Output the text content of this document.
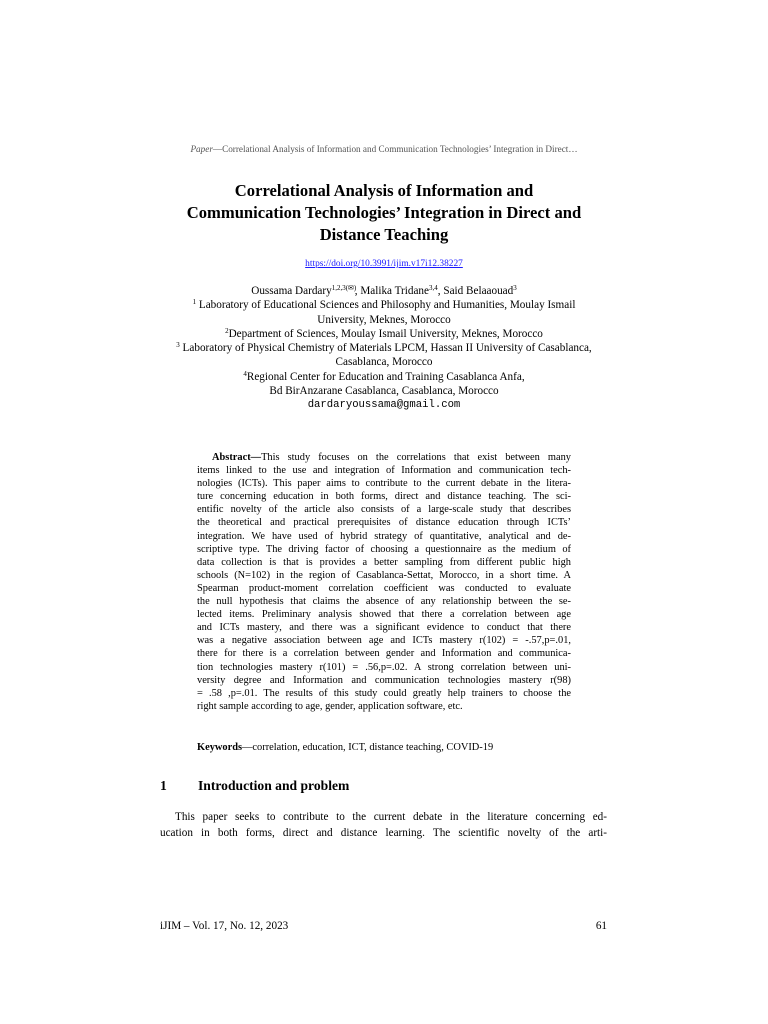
Paper—Correlational Analysis of Information and Communication Technologies’ Integration in Direct…
Correlational Analysis of Information and
Communication Technologies’ Integration in Direct and
Distance Teaching
https://doi.org/10.3991/ijim.v17i12.38227
Oussama Dardary$^{1,2,3(✉)}$, Malika Tridane$^{3,4}$, Said Belaaouad$^3$
$^1$ Laboratory of Educational Sciences and Philosophy and Humanities, Moulay Ismail
University, Meknes, Morocco
$^2$Department of Sciences, Moulay Ismail University, Meknes, Morocco
$^3$ Laboratory of Physical Chemistry of Materials LPCM, Hassan II University of Casablanca,
Casablanca, Morocco
$^4$Regional Center for Education and Training Casablanca Anfa,
Bd BirAnzarane Casablanca, Casablanca, Morocco
dardaryoussama@gmail.com
Abstract—This study focuses on the correlations that exist between many
items linked to the use and integration of Information and communication tech-
nologies (ICTs). This paper aims to contribute to the current debate in the litera-
ture concerning education in both forms, direct and distance teaching. The sci-
entific novelty of the article also consists of a large-scale study that describes
the theoretical and practical prerequisites of distance education through ICTs’
integration. We have used of hybrid strategy of quantitative, analytical and de-
scriptive type. The driving factor of choosing a questionnaire as the medium of
data collection is that is provides a better sampling from different public high
schools (N=102) in the region of Casablanca-Settat, Morocco, in a short time. A
Spearman product-moment correlation coefficient was conducted to evaluate
the null hypothesis that claims the absence of any relationship between the se-
lected items. Preliminary analysis showed that there a correlation between age
and ICTs mastery, and there was a significant evidence to conduct that there
was a negative association between age and ICTs mastery r(102) = -.57,p=.01,
there for there is a correlation between gender and Information and communica-
tion technologies mastery r(101) = .56,p=.02. A strong correlation between uni-
versity degree and Information and communication technologies mastery r(98)
= .58 ,p=.01. The results of this study could greatly help trainers to choose the
right sample according to age, gender, application software, etc.
Keywords—correlation, education, ICT, distance teaching, COVID-19
1 Introduction and problem
This paper seeks to contribute to the current debate in the literature concerning ed-
ucation in both forms, direct and distance learning. The scientific novelty of the arti-
iJIM – Vol. 17, No. 12, 2023	61
